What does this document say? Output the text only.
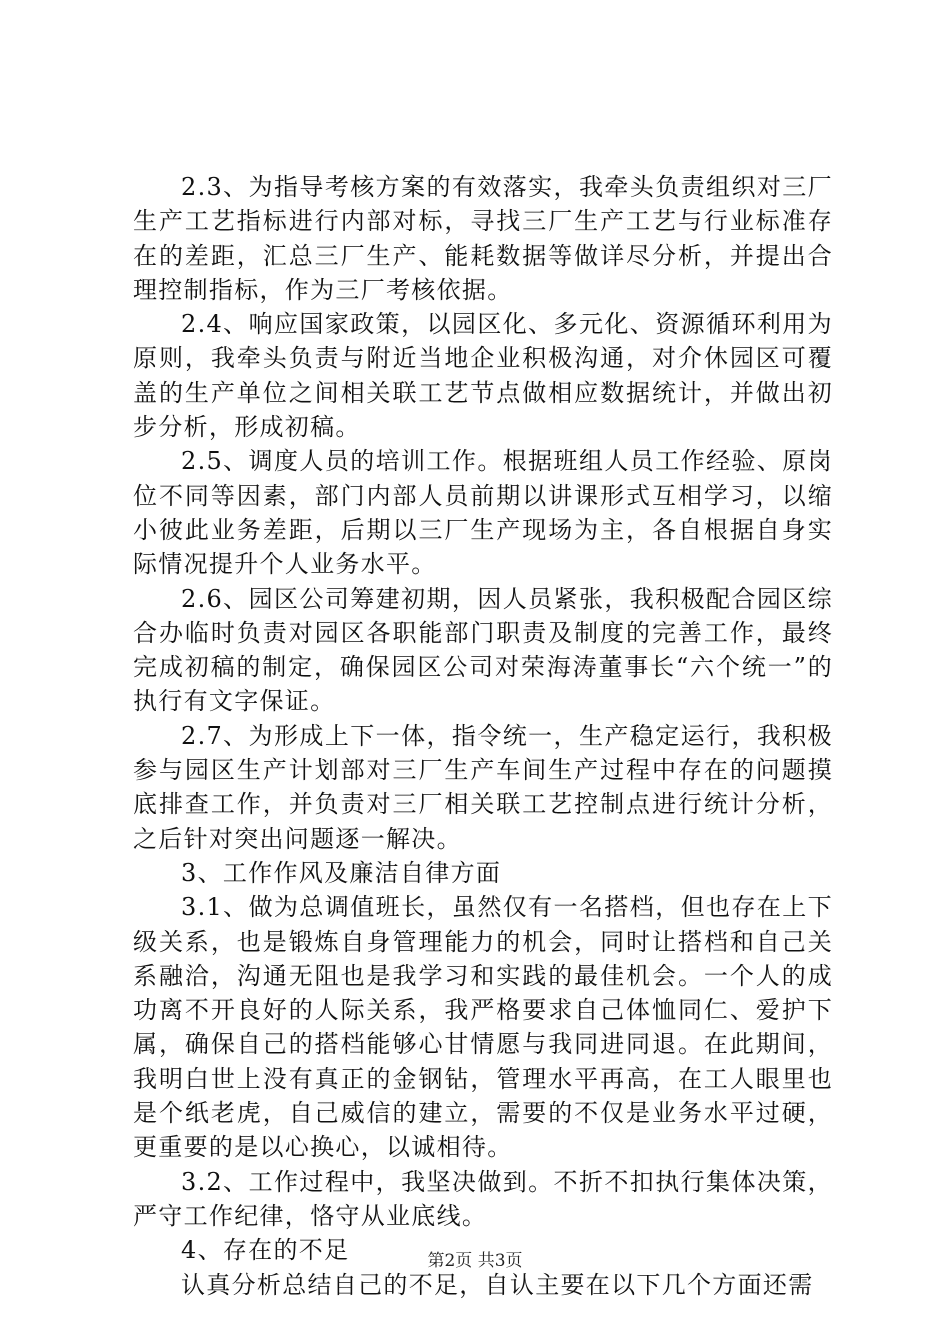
2.3、为指导考核方案的有效落实，我牵头负责组织对三厂生产工艺指标进行内部对标，寻找三厂生产工艺与行业标准存在的差距，汇总三厂生产、能耗数据等做详尽分析，并提出合理控制指标，作为三厂考核依据。

2.4、响应国家政策，以园区化、多元化、资源循环利用为原则，我牵头负责与附近当地企业积极沟通，对介休园区可覆盖的生产单位之间相关联工艺节点做相应数据统计，并做出初步分析，形成初稿。

2.5、调度人员的培训工作。根据班组人员工作经验、原岗位不同等因素，部门内部人员前期以讲课形式互相学习，以缩小彼此业务差距，后期以三厂生产现场为主，各自根据自身实际情况提升个人业务水平。

2.6、园区公司筹建初期，因人员紧张，我积极配合园区综合办临时负责对园区各职能部门职责及制度的完善工作，最终完成初稿的制定，确保园区公司对荣海涛董事长“六个统一”的执行有文字保证。

2.7、为形成上下一体，指令统一，生产稳定运行，我积极参与园区生产计划部对三厂生产车间生产过程中存在的问题摸底排查工作，并负责对三厂相关联工艺控制点进行统计分析，之后针对突出问题逐一解决。

3、工作作风及廉洁自律方面

3.1、做为总调值班长，虽然仅有一名搭档，但也存在上下级关系，也是锻炼自身管理能力的机会，同时让搭档和自己关系融洽，沟通无阻也是我学习和实践的最佳机会。一个人的成功离不开良好的人际关系，我严格要求自己体恤同仁、爱护下属，确保自己的搭档能够心甘情愿与我同进同退。在此期间，我明白世上没有真正的金钢钻，管理水平再高，在工人眼里也是个纸老虎，自己威信的建立，需要的不仅是业务水平过硬，更重要的是以心换心，以诚相待。

3.2、工作过程中，我坚决做到。不折不扣执行集体决策，严守工作纪律，恪守从业底线。

4、存在的不足

认真分析总结自己的不足，自认主要在以下几个方面还需

第2页 共3页
